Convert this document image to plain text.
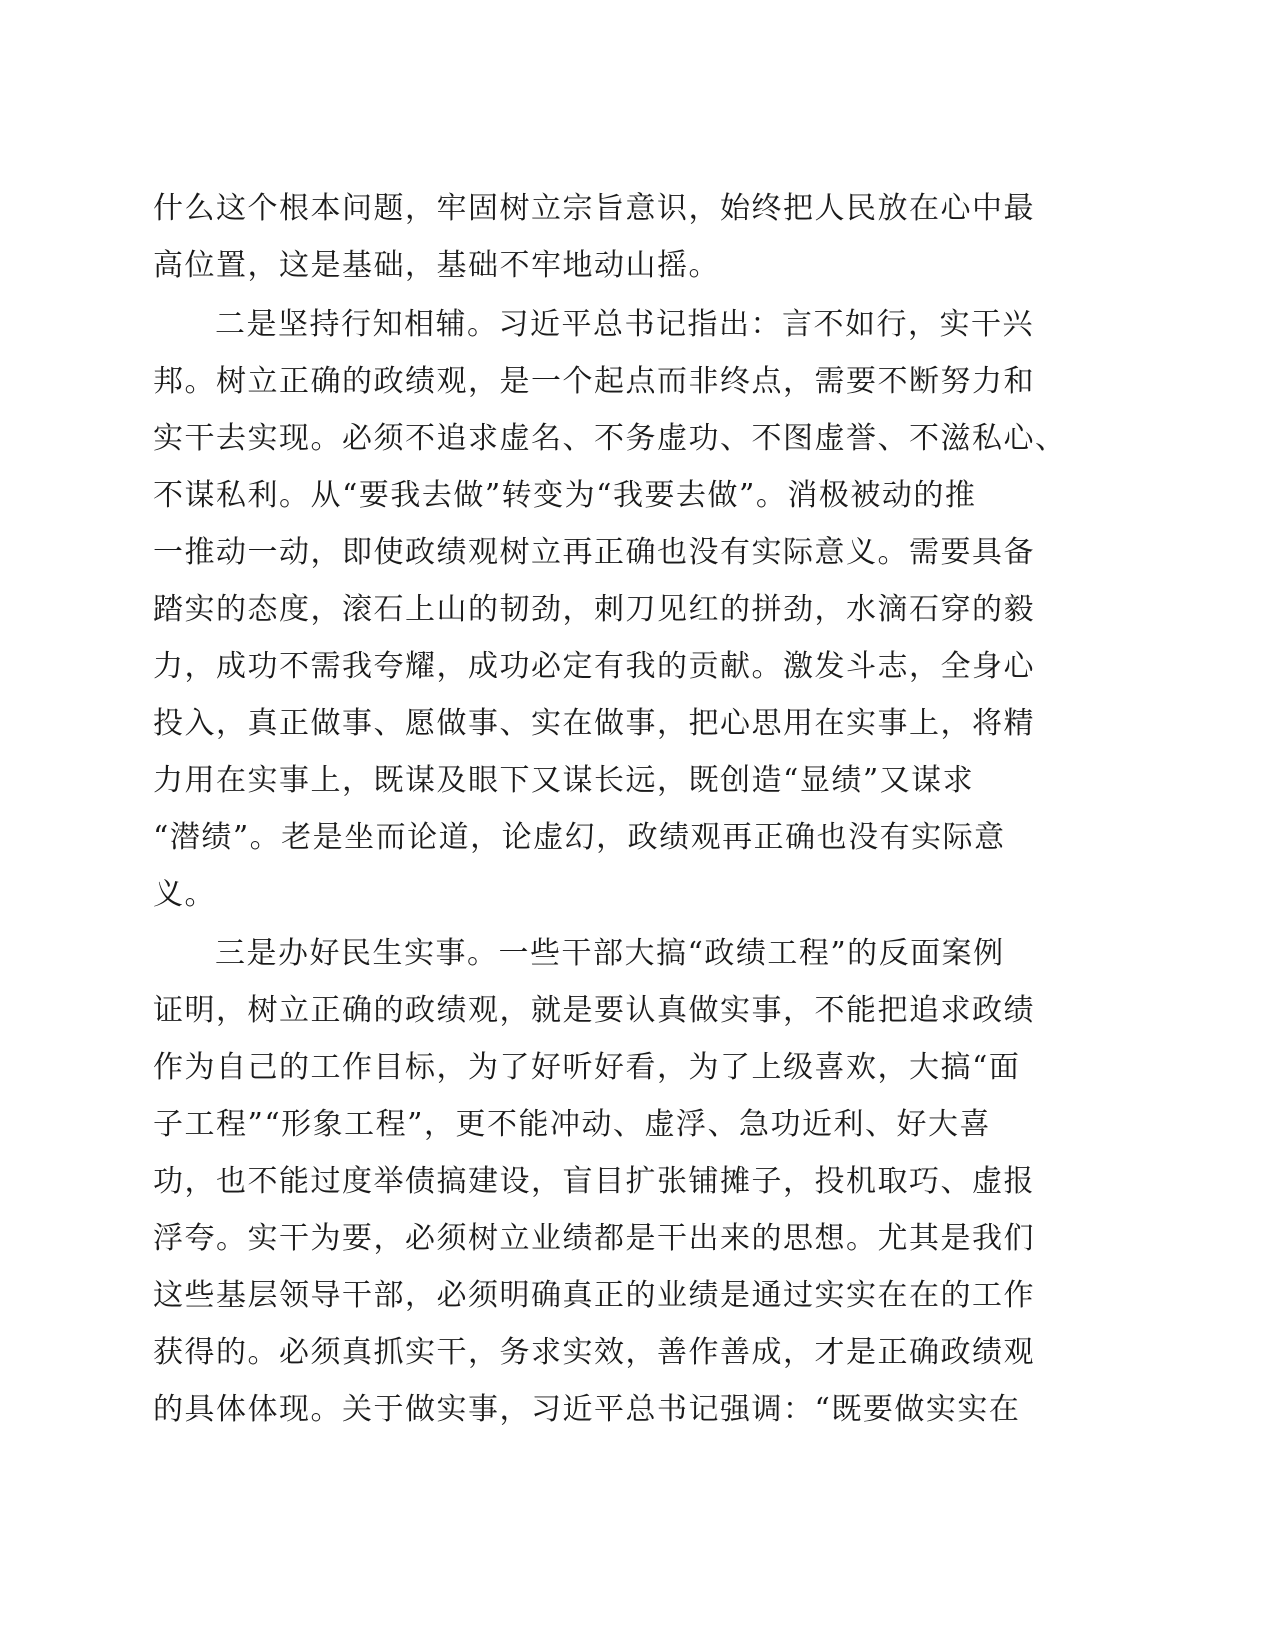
什么这个根本问题，牢固树立宗旨意识，始终把人民放在心中最
高位置，这是基础，基础不牢地动山摇。
二是坚持行知相辅。习近平总书记指出：言不如行，实干兴
邦。树立正确的政绩观，是一个起点而非终点，需要不断努力和
实干去实现。必须不追求虚名、不务虚功、不图虚誉、不滋私心、
不谋私利。从“要我去做”转变为“我要去做”。消极被动的推
一推动一动，即使政绩观树立再正确也没有实际意义。需要具备
踏实的态度，滚石上山的韧劲，刺刀见红的拼劲，水滴石穿的毅
力，成功不需我夸耀，成功必定有我的贡献。激发斗志，全身心
投入，真正做事、愿做事、实在做事，把心思用在实事上，将精
力用在实事上，既谋及眼下又谋长远，既创造“显绩”又谋求
“潜绩”。老是坐而论道，论虚幻，政绩观再正确也没有实际意
义。
三是办好民生实事。一些干部大搞“政绩工程”的反面案例
证明，树立正确的政绩观，就是要认真做实事，不能把追求政绩
作为自己的工作目标，为了好听好看，为了上级喜欢，大搞“面
子工程”“形象工程”，更不能冲动、虚浮、急功近利、好大喜
功，也不能过度举债搞建设，盲目扩张铺摊子，投机取巧、虚报
浮夸。实干为要，必须树立业绩都是干出来的思想。尤其是我们
这些基层领导干部，必须明确真正的业绩是通过实实在在的工作
获得的。必须真抓实干，务求实效，善作善成，才是正确政绩观
的具体体现。关于做实事，习近平总书记强调：“既要做实实在
